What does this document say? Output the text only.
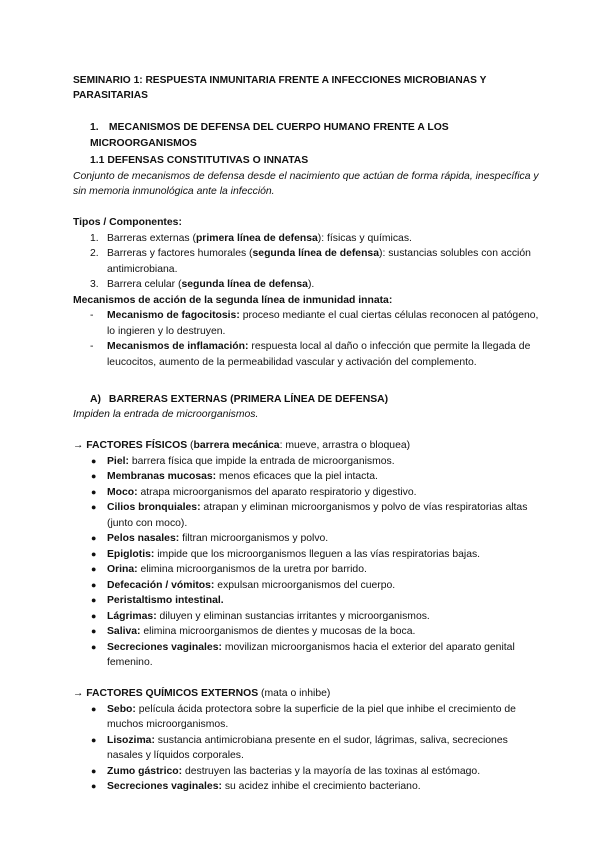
SEMINARIO 1: RESPUESTA INMUNITARIA FRENTE A INFECCIONES MICROBIANAS Y PARASITARIAS
1. MECANISMOS DE DEFENSA DEL CUERPO HUMANO FRENTE A LOS MICROORGANISMOS
1.1 DEFENSAS CONSTITUTIVAS O INNATAS
Conjunto de mecanismos de defensa desde el nacimiento que actúan de forma rápida, inespecífica y sin memoria inmunológica ante la infección.
Tipos / Componentes:
1. Barreras externas (primera línea de defensa): físicas y químicas.
2. Barreras y factores humorales (segunda línea de defensa): sustancias solubles con acción antimicrobiana.
3. Barrera celular (segunda línea de defensa).
Mecanismos de acción de la segunda línea de inmunidad innata:
- Mecanismo de fagocitosis: proceso mediante el cual ciertas células reconocen al patógeno, lo ingieren y lo destruyen.
- Mecanismos de inflamación: respuesta local al daño o infección que permite la llegada de leucocitos, aumento de la permeabilidad vascular y activación del complemento.
A) BARRERAS EXTERNAS (PRIMERA LÍNEA DE DEFENSA)
Impiden la entrada de microorganismos.
→ FACTORES FÍSICOS (barrera mecánica: mueve, arrastra o bloquea)
● Piel: barrera física que impide la entrada de microorganismos.
● Membranas mucosas: menos eficaces que la piel intacta.
● Moco: atrapa microorganismos del aparato respiratorio y digestivo.
● Cilios bronquiales: atrapan y eliminan microorganismos y polvo de vías respiratorias altas (junto con moco).
● Pelos nasales: filtran microorganismos y polvo.
● Epiglotis: impide que los microorganismos lleguen a las vías respiratorias bajas.
● Orina: elimina microorganismos de la uretra por barrido.
● Defecación / vómitos: expulsan microorganismos del cuerpo.
● Peristaltismo intestinal.
● Lágrimas: diluyen y eliminan sustancias irritantes y microorganismos.
● Saliva: elimina microorganismos de dientes y mucosas de la boca.
● Secreciones vaginales: movilizan microorganismos hacia el exterior del aparato genital femenino.
→ FACTORES QUÍMICOS EXTERNOS (mata o inhibe)
● Sebo: película ácida protectora sobre la superficie de la piel que inhibe el crecimiento de muchos microorganismos.
● Lisozima: sustancia antimicrobiana presente en el sudor, lágrimas, saliva, secreciones nasales y líquidos corporales.
● Zumo gástrico: destruyen las bacterias y la mayoría de las toxinas al estómago.
● Secreciones vaginales: su acidez inhibe el crecimiento bacteriano.
